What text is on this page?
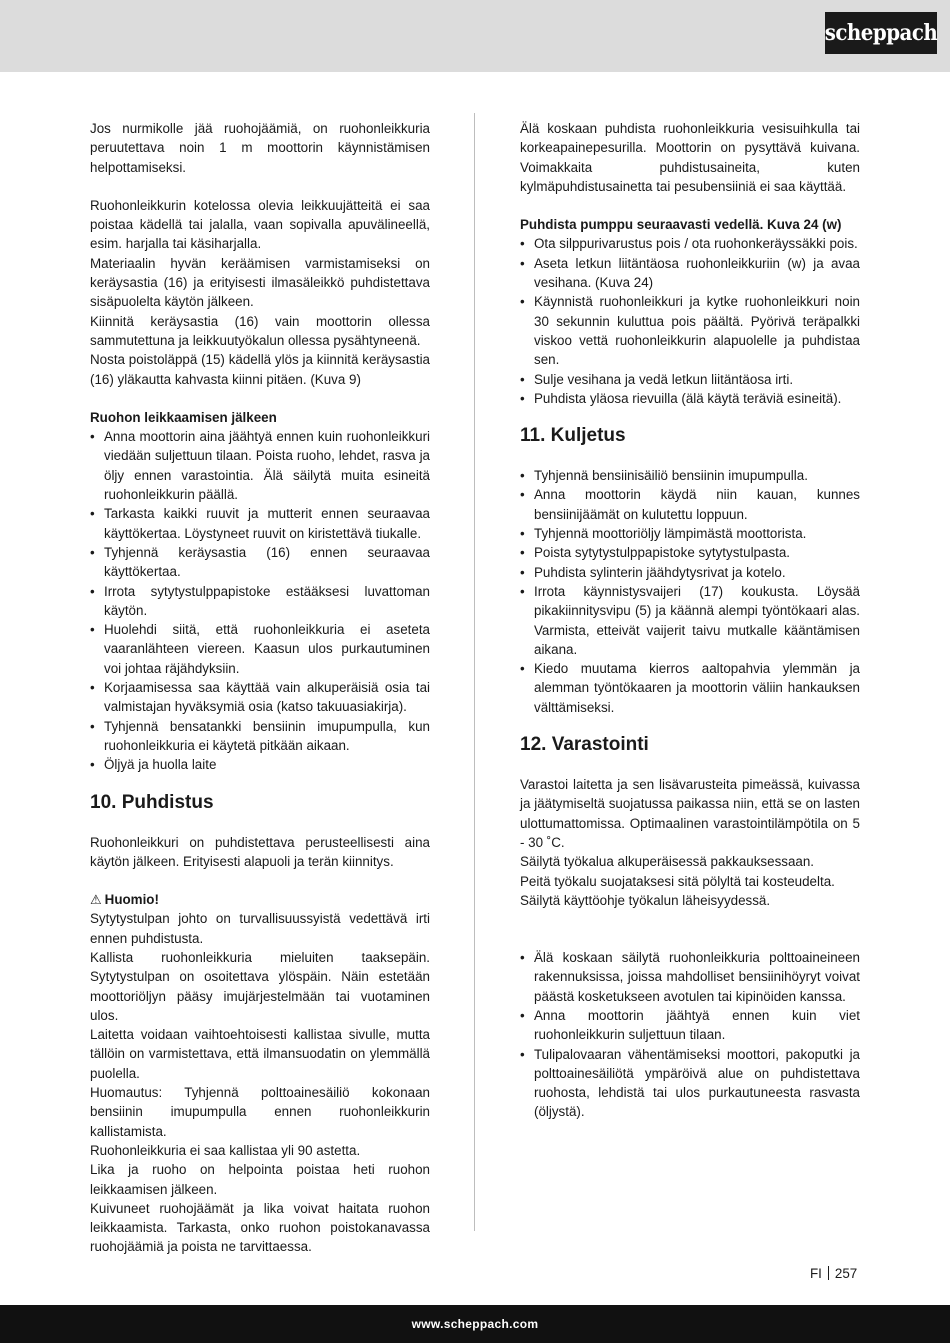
scheppach

Jos nurmikolle jää ruohojäämiä, on ruohonleikkuria peruutettava noin 1 m moottorin käynnistämisen helpottamiseksi.

Ruohonleikkurin kotelossa olevia leikkuujätteitä ei saa poistaa kädellä tai jalalla, vaan sopivalla apuvälineellä, esim. harjalla tai käsiharjalla.

Materiaalin hyvän keräämisen varmistamiseksi on keräysastia (16) ja erityisesti ilmasäleikkö puhdistettava sisäpuolelta käytön jälkeen.

Kiinnitä keräysastia (16) vain moottorin ollessa sammutettuna ja leikkuutyökalun ollessa pysähtyneenä.

Nosta poistoläppä (15) kädellä ylös ja kiinnitä keräysastia (16) yläkautta kahvasta kiinni pitäen. (Kuva 9)

Ruohon leikkaamisen jälkeen

• Anna moottorin aina jäähtyä ennen kuin ruohonleikkuri viedään suljettuun tilaan. Poista ruoho, lehdet, rasva ja öljy ennen varastointia. Älä säilytä muita esineitä ruohonleikkurin päällä.
• Tarkasta kaikki ruuvit ja mutterit ennen seuraavaa käyttökertaa. Löystyneet ruuvit on kiristettävä tiukalle.
• Tyhjennä keräysastia (16) ennen seuraavaa käyttökertaa.
• Irrota sytytystulppapistoke estääksesi luvattoman käytön.
• Huolehdi siitä, että ruohonleikkuria ei aseteta vaaranlähteen viereen. Kaasun ulos purkautuminen voi johtaa räjähdyksiin.
• Korjaamisessa saa käyttää vain alkuperäisiä osia tai valmistajan hyväksymiä osia (katso takuuasiakirja).
• Tyhjennä bensatankki bensiinin imupumpulla, kun ruohonleikkuria ei käytetä pitkään aikaan.
• Öljyä ja huolla laite
10. Puhdistus

Ruohonleikkuri on puhdistettava perusteellisesti aina käytön jälkeen. Erityisesti alapuoli ja terän kiinnitys.

⚠ Huomio!

Sytytystulpan johto on turvallisuussyistä vedettävä irti ennen puhdistusta.

Kallista ruohonleikkuria mieluiten taaksepäin. Sytytystulpan on osoitettava ylöspäin. Näin estetään moottoriöljyn pääsy imujärjestelmään tai vuotaminen ulos.

Laitetta voidaan vaihtoehtoisesti kallistaa sivulle, mutta tällöin on varmistettava, että ilmansuodatin on ylemmällä puolella.

Huomautus: Tyhjennä polttoainesäiliö kokonaan bensiinin imupumpulla ennen ruohonleikkurin kallistamista.

Ruohonleikkuria ei saa kallistaa yli 90 astetta.

Lika ja ruoho on helpointa poistaa heti ruohon leikkaamisen jälkeen.

Kuivuneet ruohojäämät ja lika voivat haitata ruohon leikkaamista. Tarkasta, onko ruohon poistokanavassa ruohojäämiä ja poista ne tarvittaessa.

Älä koskaan puhdista ruohonleikkuria vesisuihkulla tai korkeapainepesurilla. Moottorin on pysyttävä kuivana. Voimakkaita puhdistusaineita, kuten kylmäpuhdistusainetta tai pesubensiiniä ei saa käyttää.

Puhdista pumppu seuraavasti vedellä. Kuva 24 (w)

• Ota silppurivarustus pois / ota ruohonkeräyssäkki pois.
• Aseta letkun liitäntäosa ruohonleikkuriin (w) ja avaa vesihana. (Kuva 24)
• Käynnistä ruohonleikkuri ja kytke ruohonleikkuri noin 30 sekunnin kuluttua pois päältä. Pyörivä teräpalkki viskoo vettä ruohonleikkurin alapuolelle ja puhdistaa sen.
• Sulje vesihana ja vedä letkun liitäntäosa irti.
• Puhdista yläosa rievuilla (älä käytä teräviä esineitä).
11. Kuljetus
• Tyhjennä bensiinisäiliö bensiinin imupumpulla.
• Anna moottorin käydä niin kauan, kunnes bensiinijäämät on kulutettu loppuun.
• Tyhjennä moottoriöljy lämpimästä moottorista.
• Poista sytytystulppapistoke sytytystulpasta.
• Puhdista sylinterin jäähdytysrivat ja kotelo.
• Irrota käynnistysvaijeri (17) koukusta. Löysää pikakiinnitysvipu (5) ja käännä alempi työntökaari alas. Varmista, etteivät vaijerit taivu mutkalle kääntämisen aikana.
• Kiedo muutama kierros aaltopahvia ylemmän ja alemman työntökaaren ja moottorin väliin hankauksen välttämiseksi.
12. Varastointi

Varastoi laitetta ja sen lisävarusteita pimeässä, kuivassa ja jäätymiseltä suojatussa paikassa niin, että se on lasten ulottumattomissa. Optimaalinen varastointilämpötila on 5 - 30 ˚C.

Säilytä työkalua alkuperäisessä pakkauksessaan.

Peitä työkalu suojataksesi sitä pölyltä tai kosteudelta.

Säilytä käyttöohje työkalun läheisyydessä.

• Älä koskaan säilytä ruohonleikkuria polttoaineineen rakennuksissa, joissa mahdolliset bensiinihöyryt voivat päästä kosketukseen avotulen tai kipinöiden kanssa.
• Anna moottorin jäähtyä ennen kuin viet ruohonleikkurin suljettuun tilaan.
• Tulipalovaaran vähentämiseksi moottori, pakoputki ja polttoainesäiliötä ympäröivä alue on puhdistettava ruohosta, lehdistä tai ulos purkautuneesta rasvasta (öljystä).
FI 257
www.scheppach.com
